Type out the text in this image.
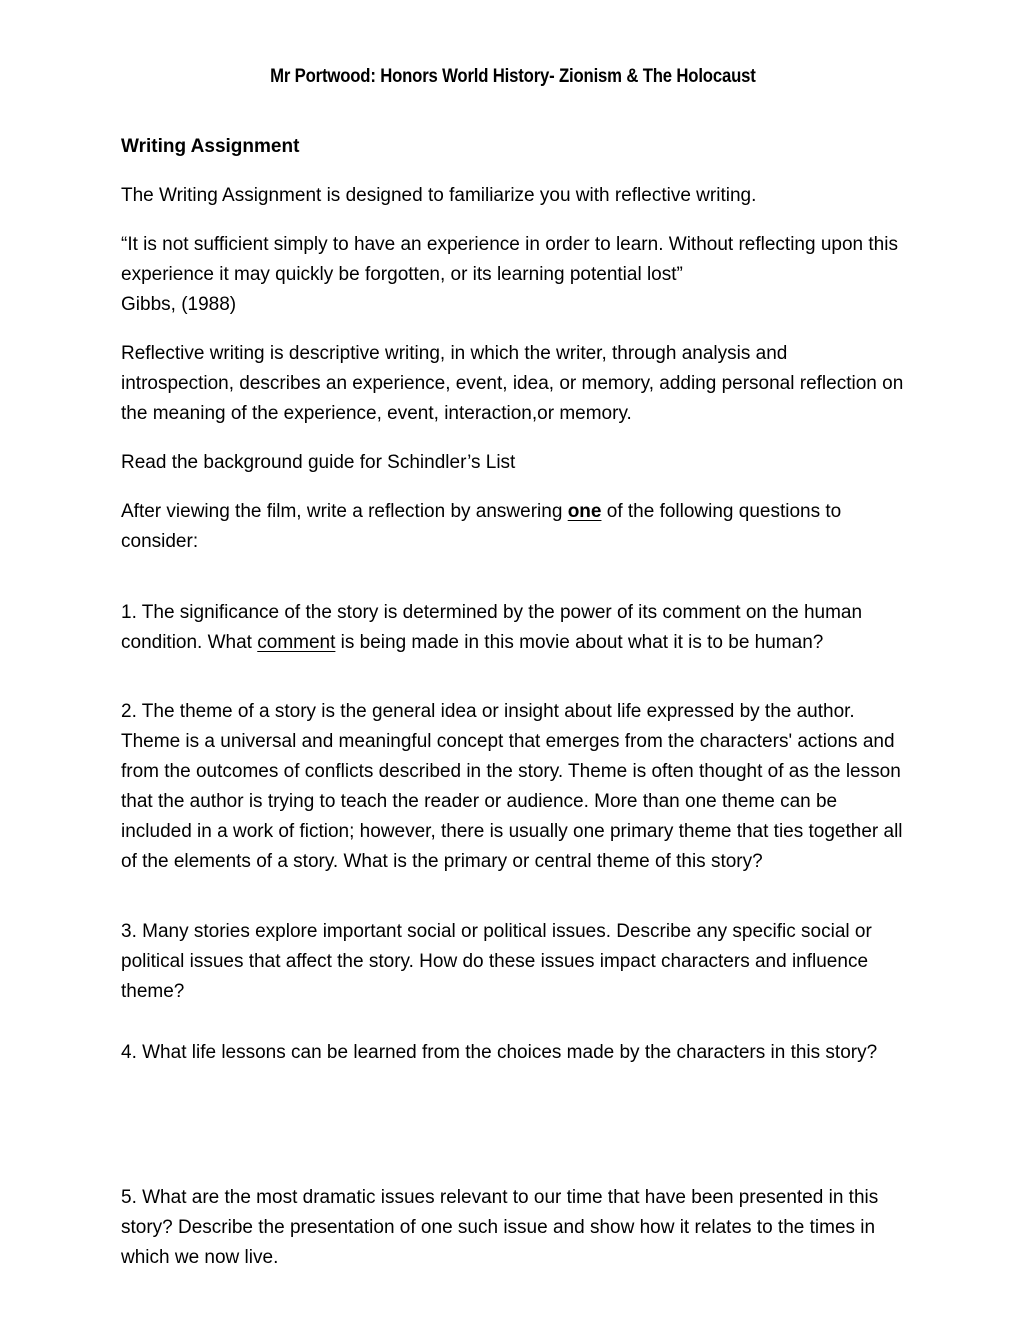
Mr Portwood: Honors World History- Zionism & The Holocaust
Writing Assignment
The Writing Assignment is designed to familiarize you with reflective writing.
“It is not sufficient simply to have an experience in order to learn. Without reflecting upon this experience it may quickly be forgotten, or its learning potential lost”
Gibbs, (1988)
Reflective writing is descriptive writing, in which the writer, through analysis and introspection, describes an experience, event, idea, or memory, adding personal reflection on the meaning of the experience, event, interaction,or memory.
Read the background guide for Schindler’s List
After viewing the film, write a reflection by answering one of the following questions to consider:
1. The significance of the story is determined by the power of its comment on the human condition. What comment is being made in this movie about what it is to be human?
2. The theme of a story is the general idea or insight about life expressed by the author. Theme is a universal and meaningful concept that emerges from the characters' actions and from the outcomes of conflicts described in the story. Theme is often thought of as the lesson that the author is trying to teach the reader or audience. More than one theme can be included in a work of fiction; however, there is usually one primary theme that ties together all of the elements of a story. What is the primary or central theme of this story?
3. Many stories explore important social or political issues. Describe any specific social or political issues that affect the story. How do these issues impact characters and influence theme?
4. What life lessons can be learned from the choices made by the characters in this story?
5. What are the most dramatic issues relevant to our time that have been presented in this story? Describe the presentation of one such issue and show how it relates to the times in which we now live.
